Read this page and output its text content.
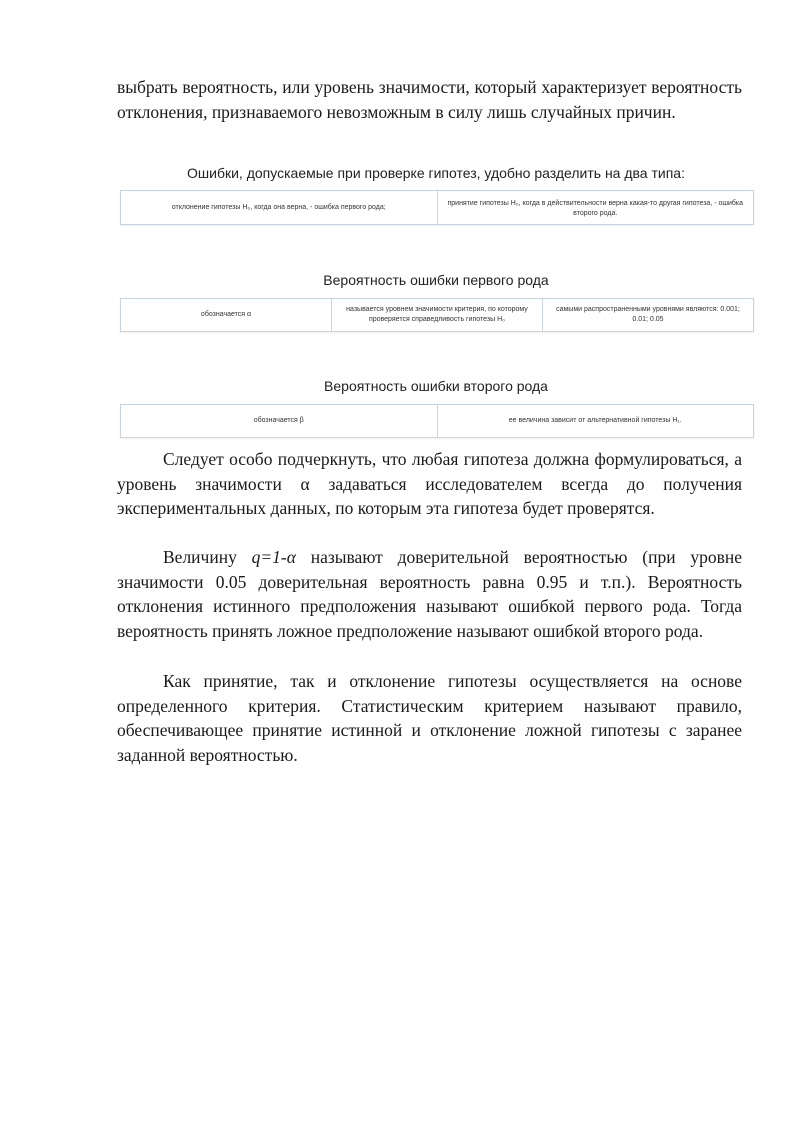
выбрать вероятность, или уровень значимости, который характеризует вероятность отклонения, признаваемого невозможным в силу лишь случайных причин.

Ошибки, допускаемые при проверке гипотез, удобно разделить на два типа:
отклонение гипотезы H₀, когда она верна, - ошибка первого рода;	принятие гипотезы H₀, когда в действительности верна какая-то другая гипотеза, - ошибка второго рода.
Вероятность ошибки первого рода
обозначается α
называется уровнем значимости критерия, по которому проверяется справедливость гипотезы H₀
самыми распространенными уровнями являются: 0.001; 0.01; 0.05
Вероятность ошибки второго рода
обозначается β	ее величина зависит от альтернативной гипотезы H₁.

Следует особо подчеркнуть, что любая гипотеза должна формулироваться, а уровень значимости α задаваться исследователем всегда до получения экспериментальных данных, по которым эта гипотеза будет проверятся.

Величину q=1-α называют доверительной вероятностью (при уровне значимости 0.05 доверительная вероятность равна 0.95 и т.п.). Вероятность отклонения истинного предположения называют ошибкой первого рода. Тогда вероятность принять ложное предположение называют ошибкой второго рода.

Как принятие, так и отклонение гипотезы осуществляется на основе определенного критерия. Статистическим критерием называют правило, обеспечивающее принятие истинной и отклонение ложной гипотезы с заранее заданной вероятностью.
